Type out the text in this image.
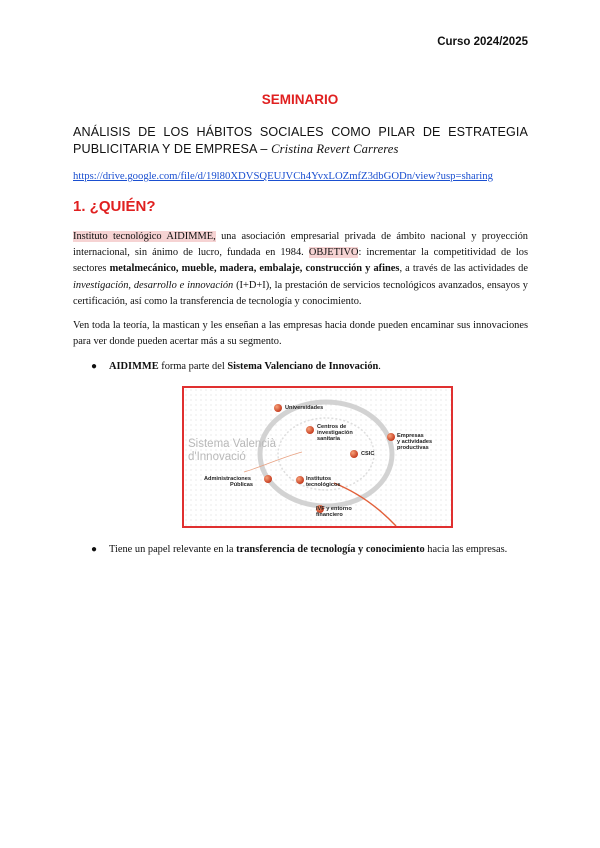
Curso 2024/2025
SEMINARIO
ANÁLISIS DE LOS HÁBITOS SOCIALES COMO PILAR DE ESTRATEGIA PUBLICITARIA Y DE EMPRESA – Cristina Revert Carreres
https://drive.google.com/file/d/19l80XDVSQEUJVCh4YvxLOZmfZ3dbGODn/view?usp=sharing
1. ¿QUIÉN?
Instituto tecnológico AIDIMME, una asociación empresarial privada de ámbito nacional y proyección internacional, sin ánimo de lucro, fundada en 1984. OBJETIVO: incrementar la competitividad de los sectores metalmecánico, mueble, madera, embalaje, construcción y afines, a través de las actividades de investigación, desarrollo e innovación (I+D+I), la prestación de servicios tecnológicos avanzados, ensayos y certificación, así como la transferencia de tecnología y conocimiento.
Ven toda la teoría, la mastican y les enseñan a las empresas hacia donde pueden encaminar sus innovaciones para ver donde pueden acertar más a su segmento.
● AIDIMME forma parte del Sistema Valenciano de Innovación.
Sistema Valencià
d'Innovació
Universidades
Centros de
investigación
sanitaria
Empresas
y actividades
productivas
CSIC
Administraciones
Públicas
Institutos
tecnológicos
IVF y entorno
financiero
● Tiene un papel relevante en la transferencia de tecnología y conocimiento hacia las empresas.
